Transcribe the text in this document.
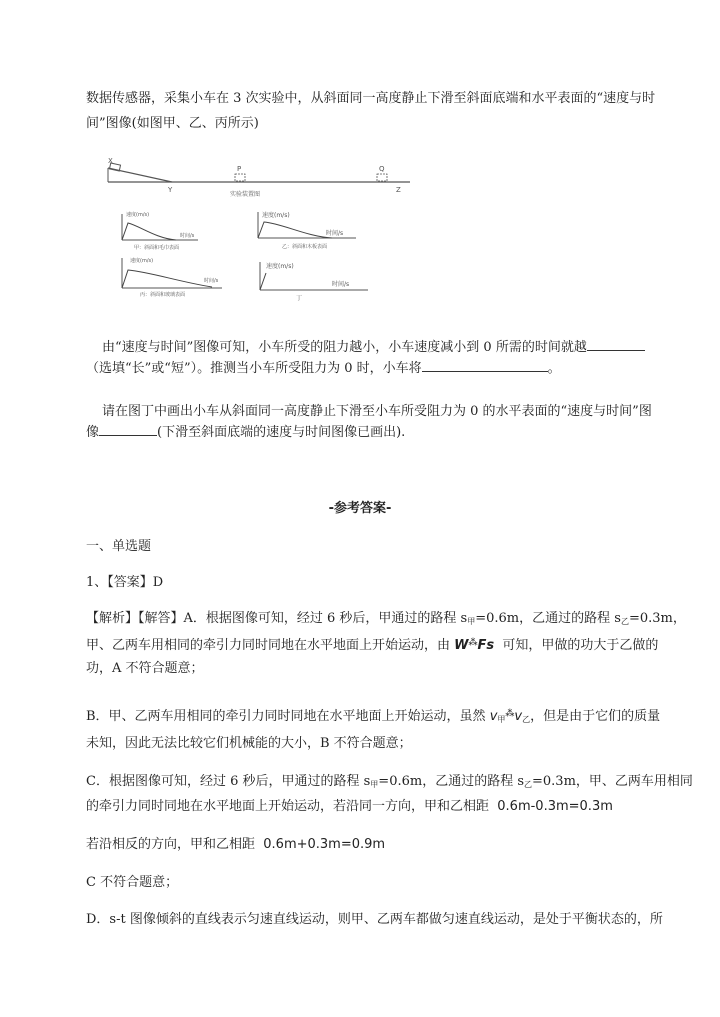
数据传感器，采集小车在 3 次实验中，从斜面同一高度静止下滑至斜面底端和水平表面的“速度与时
间”图像(如图甲、乙、丙所示)
X
Y
P	Q
Z
实验装置图
速度(m/s)
时间/s
甲：斜面和毛巾表面
速度(m/s)
时间/s
乙：斜面和木板表面
速度(m/s)
时间/s
丙：斜面和玻璃表面
速度(m/s)
时间/s
丁
由“速度与时间”图像可知，小车所受的阻力越小，小车速度减小到 0 所需的时间就越
（选填“长”或“短”）。推测当小车所受阻力为 0 时，小车将	。
请在图丁中画出小车从斜面同一高度静止下滑至小车所受阻力为 0 的水平表面的“速度与时间”图
像	(下滑至斜面底端的速度与时间图像已画出).
-参考答案-
一、单选题
1、【答案】D
【解析】【解答】A．根据图像可知，经过 6 秒后，甲通过的路程 $s_甲=0.6m$，乙通过的路程 $s_乙=0.3m$，
甲、乙两车用相同的牵引力同时同地在水平地面上开始运动，由 W⁂Fs 可知，甲做的功大于乙做的
功，A 不符合题意；
B．甲、乙两车用相同的牵引力同时同地在水平地面上开始运动，虽然 $v_甲^⁂v_乙$，但是由于它们的质量
未知，因此无法比较它们机械能的大小，B 不符合题意；
C．根据图像可知，经过 6 秒后，甲通过的路程 $s_甲=0.6m$，乙通过的路程 $s_乙=0.3m$，甲、乙两车用相同
的牵引力同时同地在水平地面上开始运动，若沿同一方向，甲和乙相距 0.6m-0.3m=0.3m
若沿相反的方向，甲和乙相距 0.6m+0.3m=0.9m
C 不符合题意；
D．s-t 图像倾斜的直线表示匀速直线运动，则甲、乙两车都做匀速直线运动，是处于平衡状态的，所
